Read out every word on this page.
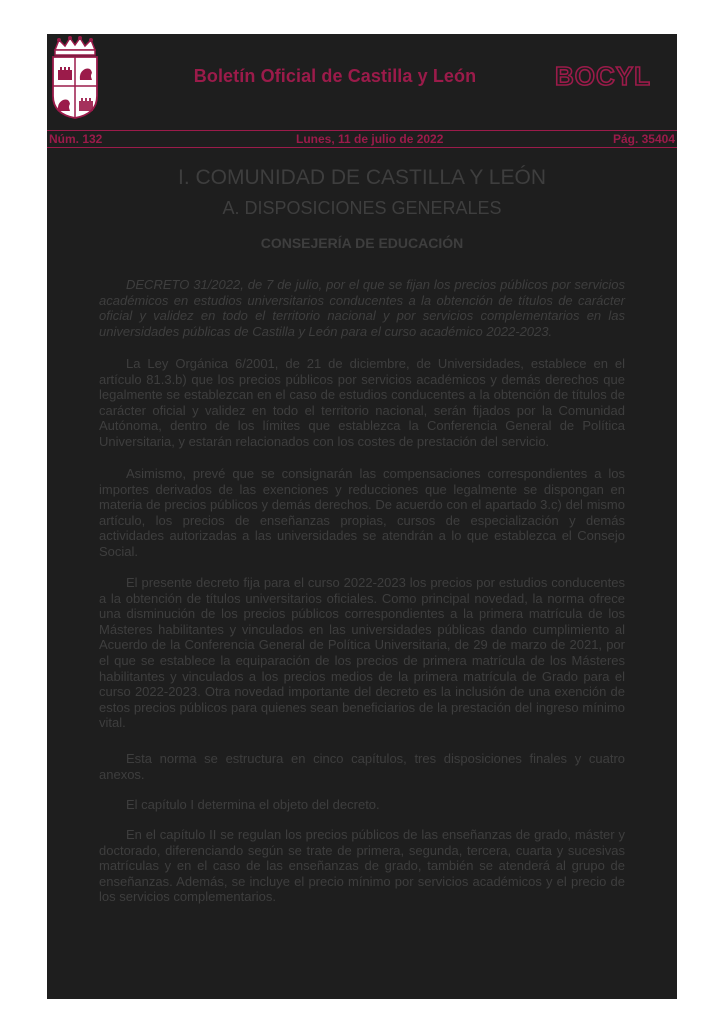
Boletín Oficial de Castilla y León	BOCYL
Núm. 132	Lunes, 11 de julio de 2022	Pág. 35404
I. COMUNIDAD DE CASTILLA Y LEÓN
A. DISPOSICIONES GENERALES
CONSEJERÍA DE EDUCACIÓN

DECRETO 31/2022, de 7 de julio, por el que se fijan los precios públicos por servicios académicos en estudios universitarios conducentes a la obtención de títulos de carácter oficial y validez en todo el territorio nacional y por servicios complementarios en las universidades públicas de Castilla y León para el curso académico 2022-2023.

La Ley Orgánica 6/2001, de 21 de diciembre, de Universidades, establece en el artículo 81.3.b) que los precios públicos por servicios académicos y demás derechos que legalmente se establezcan en el caso de estudios conducentes a la obtención de títulos de carácter oficial y validez en todo el territorio nacional, serán fijados por la Comunidad Autónoma, dentro de los límites que establezca la Conferencia General de Política Universitaria, y estarán relacionados con los costes de prestación del servicio.

Asimismo, prevé que se consignarán las compensaciones correspondientes a los importes derivados de las exenciones y reducciones que legalmente se dispongan en materia de precios públicos y demás derechos. De acuerdo con el apartado 3.c) del mismo artículo, los precios de enseñanzas propias, cursos de especialización y demás actividades autorizadas a las universidades se atendrán a lo que establezca el Consejo Social.

El presente decreto fija para el curso 2022-2023 los precios por estudios conducentes a la obtención de títulos universitarios oficiales. Como principal novedad, la norma ofrece una disminución de los precios públicos correspondientes a la primera matrícula de los Másteres habilitantes y vinculados en las universidades públicas dando cumplimiento al Acuerdo de la Conferencia General de Política Universitaria, de 29 de marzo de 2021, por el que se establece la equiparación de los precios de primera matrícula de los Másteres habilitantes y vinculados a los precios medios de la primera matrícula de Grado para el curso 2022-2023. Otra novedad importante del decreto es la inclusión de una exención de estos precios públicos para quienes sean beneficiarios de la prestación del ingreso mínimo vital.

Esta norma se estructura en cinco capítulos, tres disposiciones finales y cuatro anexos.

El capítulo I determina el objeto del decreto.

En el capítulo II se regulan los precios públicos de las enseñanzas de grado, máster y doctorado, diferenciando según se trate de primera, segunda, tercera, cuarta y sucesivas matrículas y en el caso de las enseñanzas de grado, también se atenderá al grupo de enseñanzas. Además, se incluye el precio mínimo por servicios académicos y el precio de los servicios complementarios.
